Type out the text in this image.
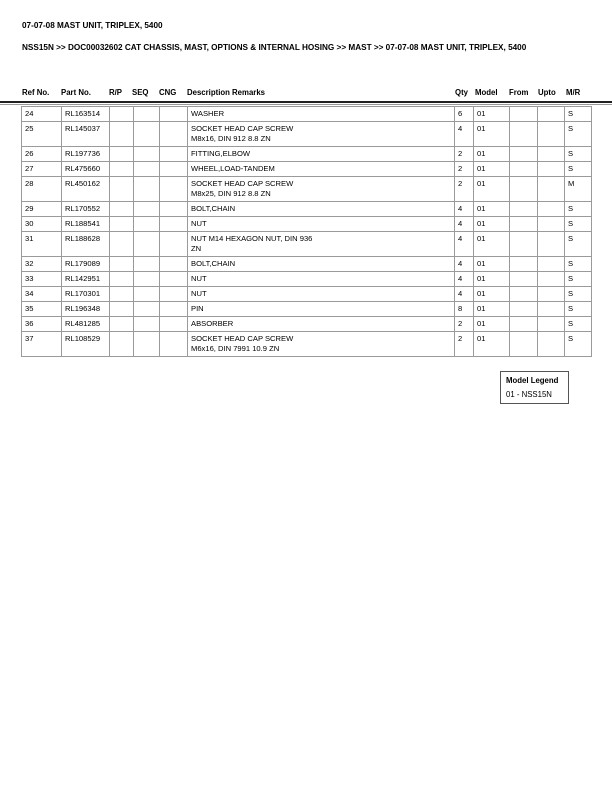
07-07-08 MAST UNIT, TRIPLEX, 5400
NSS15N >> DOC00032602 CAT CHASSIS, MAST, OPTIONS & INTERNAL HOSING >> MAST >> 07-07-08 MAST UNIT, TRIPLEX, 5400
Ref No. Part No. R/P SEQ CNG Description Remarks	Qty Model From Upto M/R
24	RL163514				WASHER	6	01			S
25	RL145037				SOCKET HEAD CAP SCREW
M8x16, DIN 912 8.8 ZN	4	01			S
26	RL197736				FITTING,ELBOW	2	01			S
27	RL475660				WHEEL,LOAD-TANDEM	2	01			S
28	RL450162				SOCKET HEAD CAP SCREW
M8x25, DIN 912 8.8 ZN	2	01			M
29	RL170552				BOLT,CHAIN	4	01			S
30	RL188541				NUT	4	01			S
31	RL188628				NUT M14 HEXAGON NUT, DIN 936
ZN	4	01			S
32	RL179089				BOLT,CHAIN	4	01			S
33	RL142951				NUT	4	01			S
34	RL170301				NUT	4	01			S
35	RL196348				PIN	8	01			S
36	RL481285				ABSORBER	2	01			S
37	RL108529				SOCKET HEAD CAP SCREW
M6x16, DIN 7991 10.9 ZN	2	01			S
Model Legend
01 - NSS15N
